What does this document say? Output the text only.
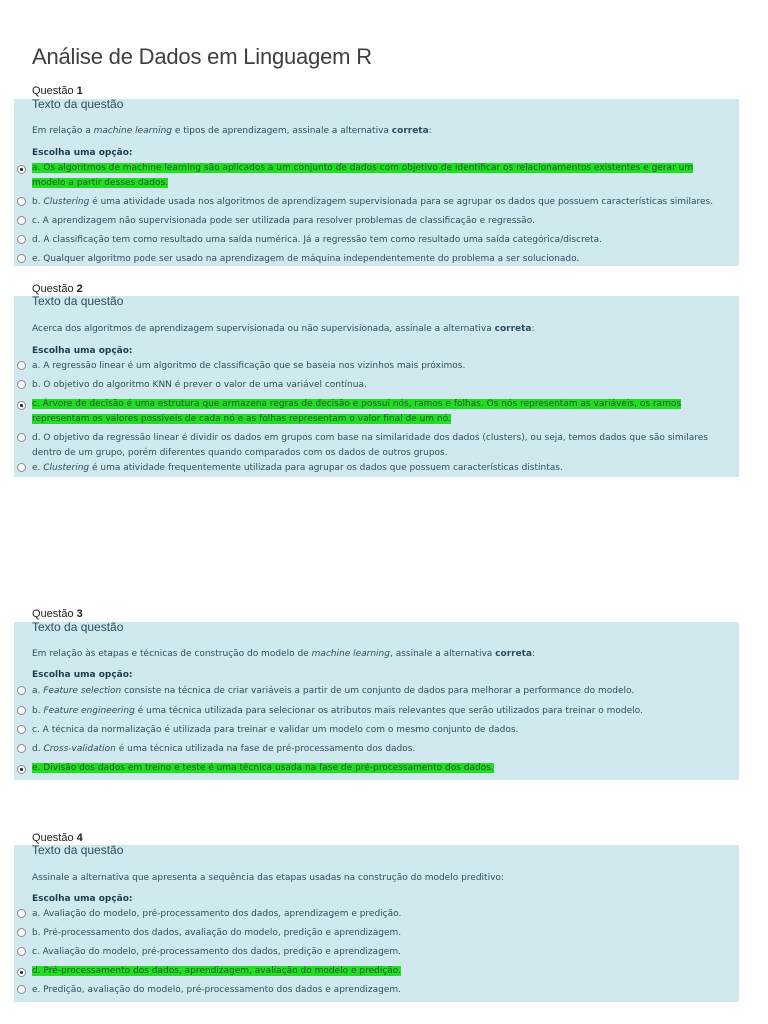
Análise de Dados em Linguagem R
Questão 1
Texto da questão
Em relação a machine learning e tipos de aprendizagem, assinale a alternativa correta:
Escolha uma opção:
a. Os algoritmos de machine learning são aplicados a um conjunto de dados com objetivo de identificar os relacionamentos existentes e gerar um modelo a partir desses dados.
b. Clustering é uma atividade usada nos algoritmos de aprendizagem supervisionada para se agrupar os dados que possuem características similares.
c. A aprendizagem não supervisionada pode ser utilizada para resolver problemas de classificação e regressão.
d. A classificação tem como resultado uma saída numérica. Já a regressão tem como resultado uma saída categórica/discreta.
e. Qualquer algoritmo pode ser usado na aprendizagem de máquina independentemente do problema a ser solucionado.
Questão 2
Texto da questão
Acerca dos algoritmos de aprendizagem supervisionada ou não supervisionada, assinale a alternativa correta:
Escolha uma opção:
a. A regressão linear é um algoritmo de classificação que se baseia nos vizinhos mais próximos.
b. O objetivo do algoritmo KNN é prever o valor de uma variável contínua.
c. Árvore de decisão é uma estrutura que armazena regras de decisão e possui nós, ramos e folhas. Os nós representam as variáveis, os ramos representam os valores possíveis de cada nó e as folhas representam o valor final de um nó.
d. O objetivo da regressão linear é dividir os dados em grupos com base na similaridade dos dados (clusters), ou seja, temos dados que são similares dentro de um grupo, porém diferentes quando comparados com os dados de outros grupos.
e. Clustering é uma atividade frequentemente utilizada para agrupar os dados que possuem características distintas.
Questão 3
Texto da questão
Em relação às etapas e técnicas de construção do modelo de machine learning, assinale a alternativa correta:
Escolha uma opção:
a. Feature selection consiste na técnica de criar variáveis a partir de um conjunto de dados para melhorar a performance do modelo.
b. Feature engineering é uma técnica utilizada para selecionar os atributos mais relevantes que serão utilizados para treinar o modelo.
c. A técnica da normalização é utilizada para treinar e validar um modelo com o mesmo conjunto de dados.
d. Cross-validation é uma técnica utilizada na fase de pré-processamento dos dados.
e. Divisão dos dados em treino e teste é uma técnica usada na fase de pré-processamento dos dados.
Questão 4
Texto da questão
Assinale a alternativa que apresenta a sequência das etapas usadas na construção do modelo preditivo:
Escolha uma opção:
a. Avaliação do modelo, pré-processamento dos dados, aprendizagem e predição.
b. Pré-processamento dos dados, avaliação do modelo, predição e aprendizagem.
c. Avaliação do modelo, pré-processamento dos dados, predição e aprendizagem.
d. Pré-processamento dos dados, aprendizagem, avaliação do modelo e predição.
e. Predição, avaliação do modelo, pré-processamento dos dados e aprendizagem.
